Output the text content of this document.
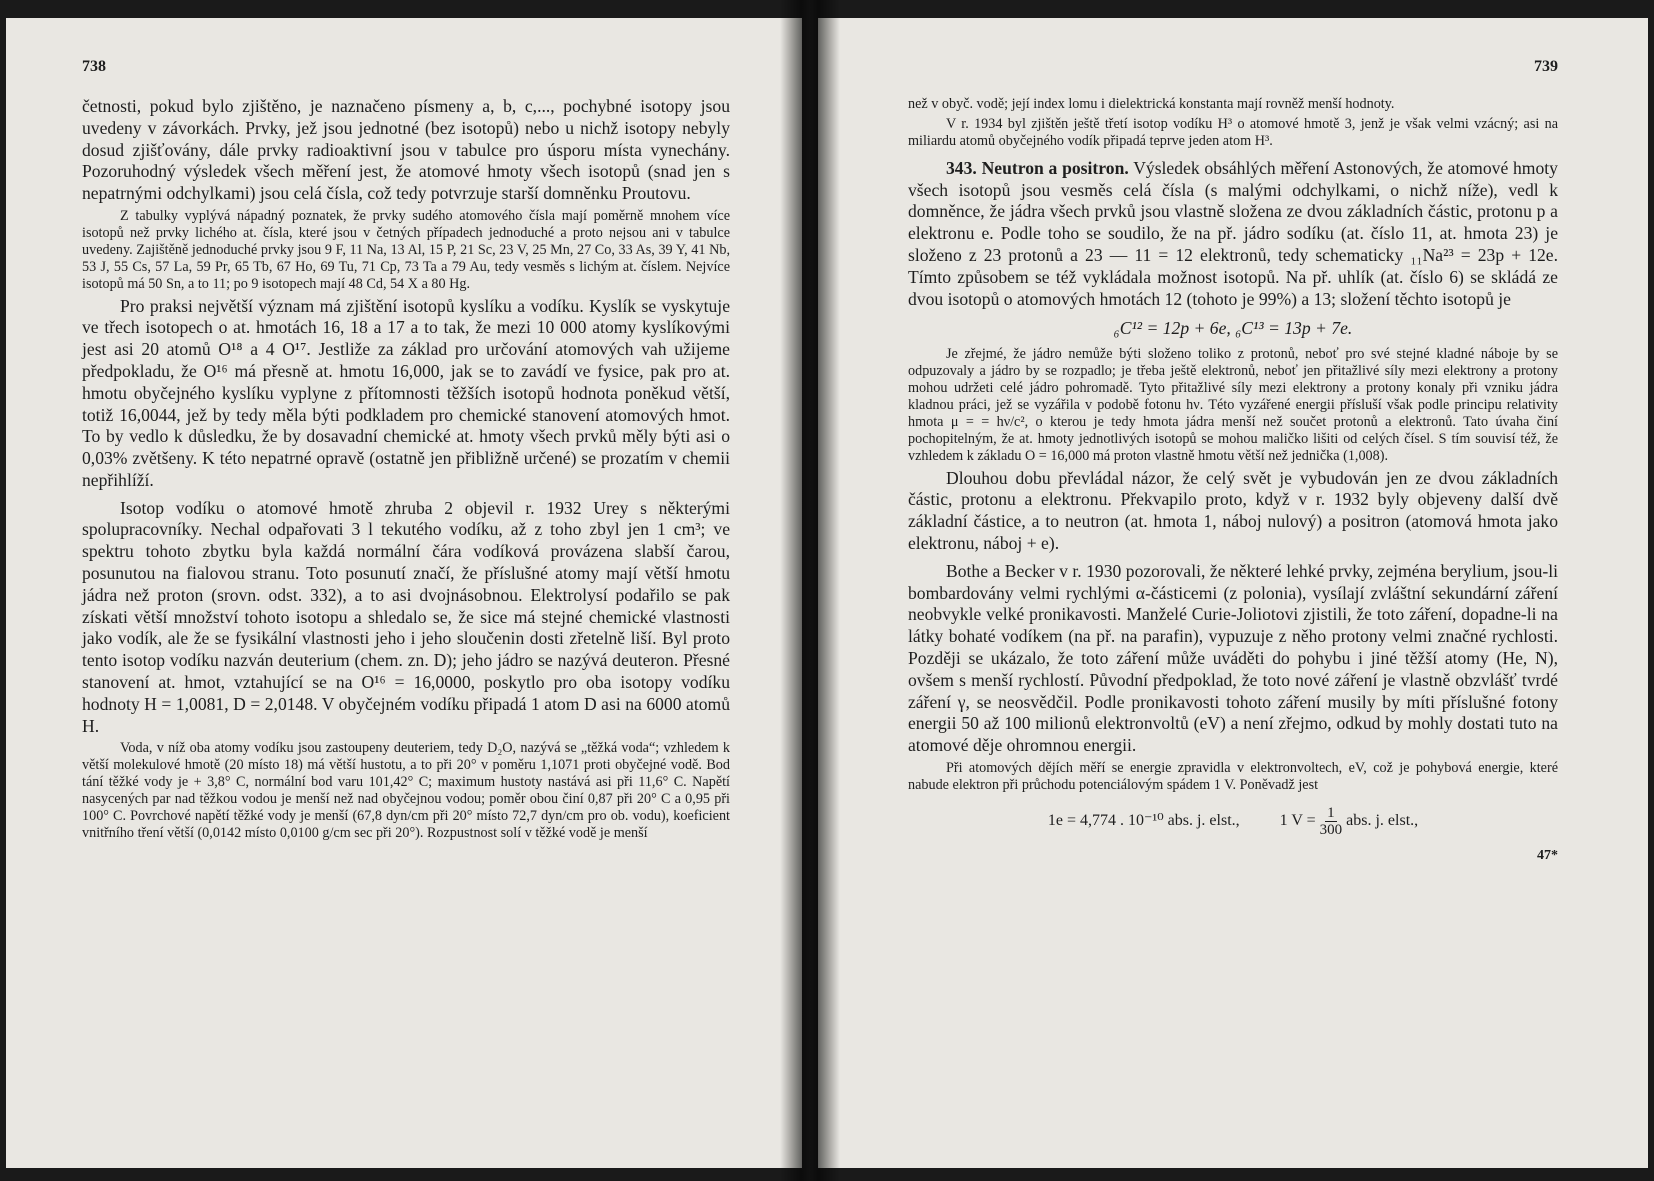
738

četnosti, pokud bylo zjištěno, je naznačeno písmeny a, b, c,..., pochybné isotopy jsou uvedeny v závorkách. Prvky, jež jsou jednotné (bez isotopů) nebo u nichž isotopy nebyly dosud zjišťovány, dále prvky radioaktivní jsou v tabulce pro úsporu místa vynechány. Pozoruhodný výsledek všech měření jest, že atomové hmoty všech isotopů (snad jen s nepatrnými odchylkami) jsou celá čísla, což tedy potvrzuje starší domněnku Proutovu.

Z tabulky vyplývá nápadný poznatek, že prvky sudého atomového čísla mají poměrně mnohem více isotopů než prvky lichého at. čísla, které jsou v četných případech jednoduché a proto nejsou ani v tabulce uvedeny. Zajištěně jednoduché prvky jsou 9 F, 11 Na, 13 Al, 15 P, 21 Sc, 23 V, 25 Mn, 27 Co, 33 As, 39 Y, 41 Nb, 53 J, 55 Cs, 57 La, 59 Pr, 65 Tb, 67 Ho, 69 Tu, 71 Cp, 73 Ta a 79 Au, tedy vesměs s lichým at. číslem. Nejvíce isotopů má 50 Sn, a to 11; po 9 isotopech mají 48 Cd, 54 X a 80 Hg.

Pro praksi největší význam má zjištění isotopů kyslíku a vodíku. Kyslík se vyskytuje ve třech isotopech o at. hmotách 16, 18 a 17 a to tak, že mezi 10 000 atomy kyslíkovými jest asi 20 atomů O¹⁸ a 4 O¹⁷. Jestliže za základ pro určování atomových vah užijeme předpokladu, že O¹⁶ má přesně at. hmotu 16,000, jak se to zavádí ve fysice, pak pro at. hmotu obyčejného kyslíku vyplyne z přítomnosti těžších isotopů hodnota poněkud větší, totiž 16,0044, jež by tedy měla býti podkladem pro chemické stanovení atomových hmot. To by vedlo k důsledku, že by dosavadní chemické at. hmoty všech prvků měly býti asi o 0,03% zvětšeny. K této nepatrné opravě (ostatně jen přibližně určené) se prozatím v chemii nepřihlíží.

Isotop vodíku o atomové hmotě zhruba 2 objevil r. 1932 Urey s některými spolupracovníky. Nechal odpařovati 3 l tekutého vodíku, až z toho zbyl jen 1 cm³; ve spektru tohoto zbytku byla každá normální čára vodíková provázena slabší čarou, posunutou na fialovou stranu. Toto posunutí značí, že příslušné atomy mají větší hmotu jádra než proton (srovn. odst. 332), a to asi dvojnásobnou. Elektrolysí podařilo se pak získati větší množství tohoto isotopu a shledalo se, že sice má stejné chemické vlastnosti jako vodík, ale že se fysikální vlastnosti jeho i jeho sloučenin dosti zřetelně liší. Byl proto tento isotop vodíku nazván deuterium (chem. zn. D); jeho jádro se nazývá deuteron. Přesné stanovení at. hmot, vztahující se na O¹⁶ = 16,0000, poskytlo pro oba isotopy vodíku hodnoty H = 1,0081, D = 2,0148. V obyčejném vodíku připadá 1 atom D asi na 6000 atomů H.

Voda, v níž oba atomy vodíku jsou zastoupeny deuteriem, tedy D₂O, nazývá se „těžká voda“; vzhledem k větší molekulové hmotě (20 místo 18) má větší hustotu, a to při 20° v poměru 1,1071 proti obyčejné vodě. Bod tání těžké vody je + 3,8° C, normální bod varu 101,42° C; maximum hustoty nastává asi při 11,6° C. Napětí nasycených par nad těžkou vodou je menší než nad obyčejnou vodou; poměr obou činí 0,87 při 20° C a 0,95 při 100° C. Povrchové napětí těžké vody je menší (67,8 dyn/cm při 20° místo 72,7 dyn/cm pro ob. vodu), koeficient vnitřního tření větší (0,0142 místo 0,0100 g/cm sec při 20°). Rozpustnost solí v těžké vodě je menší

739

než v obyč. vodě; její index lomu i dielektrická konstanta mají rovněž menší hodnoty.

V r. 1934 byl zjištěn ještě třetí isotop vodíku H³ o atomové hmotě 3, jenž je však velmi vzácný; asi na miliardu atomů obyčejného vodík připadá teprve jeden atom H³.

343. Neutron a positron. Výsledek obsáhlých měření Astonových, že atomové hmoty všech isotopů jsou vesměs celá čísla (s malými odchylkami, o nichž níže), vedl k domněnce, že jádra všech prvků jsou vlastně složena ze dvou základních částic, protonu p a elektronu e. Podle toho se soudilo, že na př. jádro sodíku (at. číslo 11, at. hmota 23) je složeno z 23 protonů a 23 — 11 = 12 elektronů, tedy schematicky ₁₁Na²³ = 23p + 12e. Tímto způsobem se též vykládala možnost isotopů. Na př. uhlík (at. číslo 6) se skládá ze dvou isotopů o atomových hmotách 12 (tohoto je 99%) a 13; složení těchto isotopů je

₆C¹² = 12p + 6e, ₆C¹³ = 13p + 7e.

Je zřejmé, že jádro nemůže býti složeno toliko z protonů, neboť pro své stejné kladné náboje by se odpuzovaly a jádro by se rozpadlo; je třeba ještě elektronů, neboť jen přitažlivé síly mezi elektrony a protony mohou udržeti celé jádro pohromadě. Tyto přitažlivé síly mezi elektrony a protony konaly při vzniku jádra kladnou práci, jež se vyzářila v podobě fotonu hν. Této vyzářené energii přísluší však podle principu relativity hmota μ = = hν/c², o kterou je tedy hmota jádra menší než součet protonů a elektronů. Tato úvaha činí pochopitelným, že at. hmoty jednotlivých isotopů se mohou maličko lišiti od celých čísel. S tím souvisí též, že vzhledem k základu O = 16,000 má proton vlastně hmotu větší než jednička (1,008).

Dlouhou dobu převládal názor, že celý svět je vybudován jen ze dvou základních částic, protonu a elektronu. Překvapilo proto, když v r. 1932 byly objeveny další dvě základní částice, a to neutron (at. hmota 1, náboj nulový) a positron (atomová hmota jako elektronu, náboj + e).

Bothe a Becker v r. 1930 pozorovali, že některé lehké prvky, zejména berylium, jsou-li bombardovány velmi rychlými α-částicemi (z polonia), vysílají zvláštní sekundární záření neobvykle velké pronikavosti. Manželé Curie-Joliotovi zjistili, že toto záření, dopadne-li na látky bohaté vodíkem (na př. na parafin), vypuzuje z něho protony velmi značné rychlosti. Později se ukázalo, že toto záření může uváděti do pohybu i jiné těžší atomy (He, N), ovšem s menší rychlostí. Původní předpoklad, že toto nové záření je vlastně obzvlášť tvrdé záření γ, se neosvědčil. Podle pronikavosti tohoto záření musily by míti příslušné fotony energii 50 až 100 milionů elektronvoltů (eV) a není zřejmo, odkud by mohly dostati tuto na atomové děje ohromnou energii.

Při atomových dějích měří se energie zpravidla v elektronvoltech, eV, což je pohybová energie, které nabude elektron při průchodu potenciálovým spádem 1 V. Poněvadž jest

1e = 4,774 . 10⁻¹⁰ abs. j. elst.,	1 $V = \frac{1}{300}$ abs. j. elst.,
47*
